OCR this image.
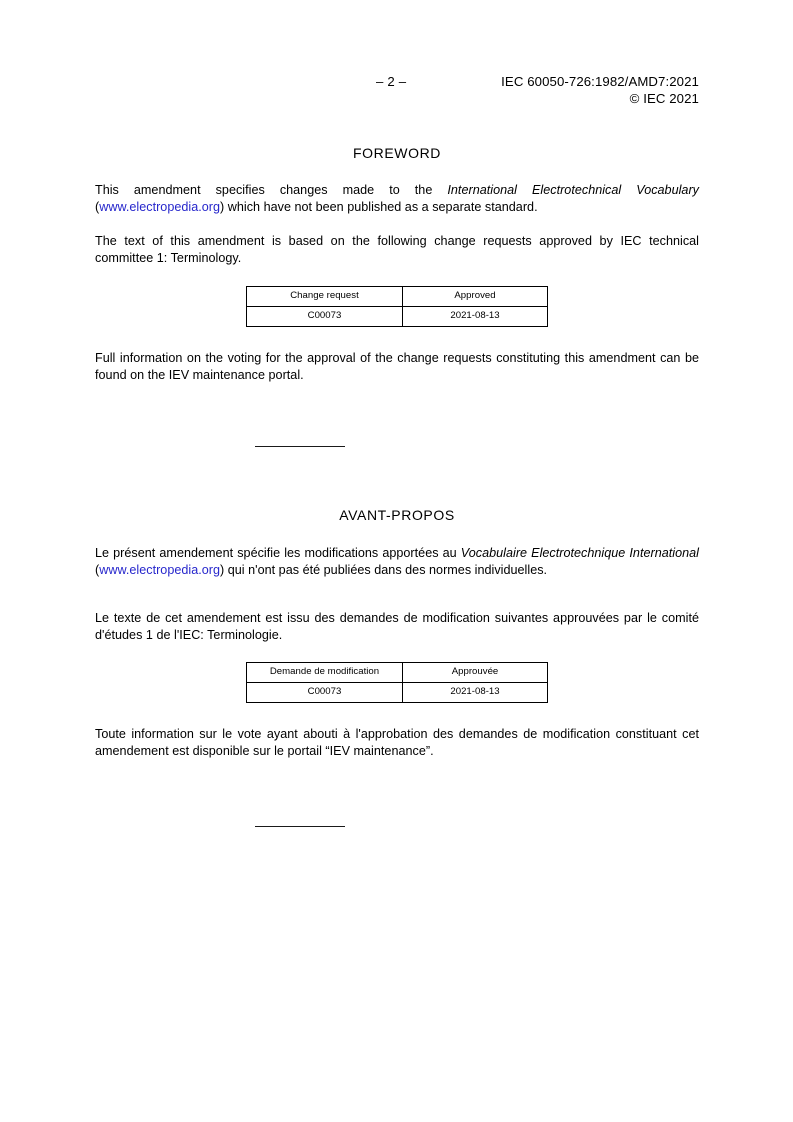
– 2 –	IEC 60050-726:1982/AMD7:2021
© IEC 2021
FOREWORD

This amendment specifies changes made to the International Electrotechnical Vocabulary (www.electropedia.org) which have not been published as a separate standard.

The text of this amendment is based on the following change requests approved by IEC technical committee 1: Terminology.

Change request	Approved
C00073	2021-08-13

Full information on the voting for the approval of the change requests constituting this amendment can be found on the IEV maintenance portal.

AVANT-PROPOS

Le présent amendement spécifie les modifications apportées au Vocabulaire Electrotechnique International (www.electropedia.org) qui n'ont pas été publiées dans des normes individuelles.

Le texte de cet amendement est issu des demandes de modification suivantes approuvées par le comité d'études 1 de l'IEC: Terminologie.

Demande de modification	Approuvée
C00073	2021-08-13

Toute information sur le vote ayant abouti à l'approbation des demandes de modification constituant cet amendement est disponible sur le portail “IEV maintenance”.
